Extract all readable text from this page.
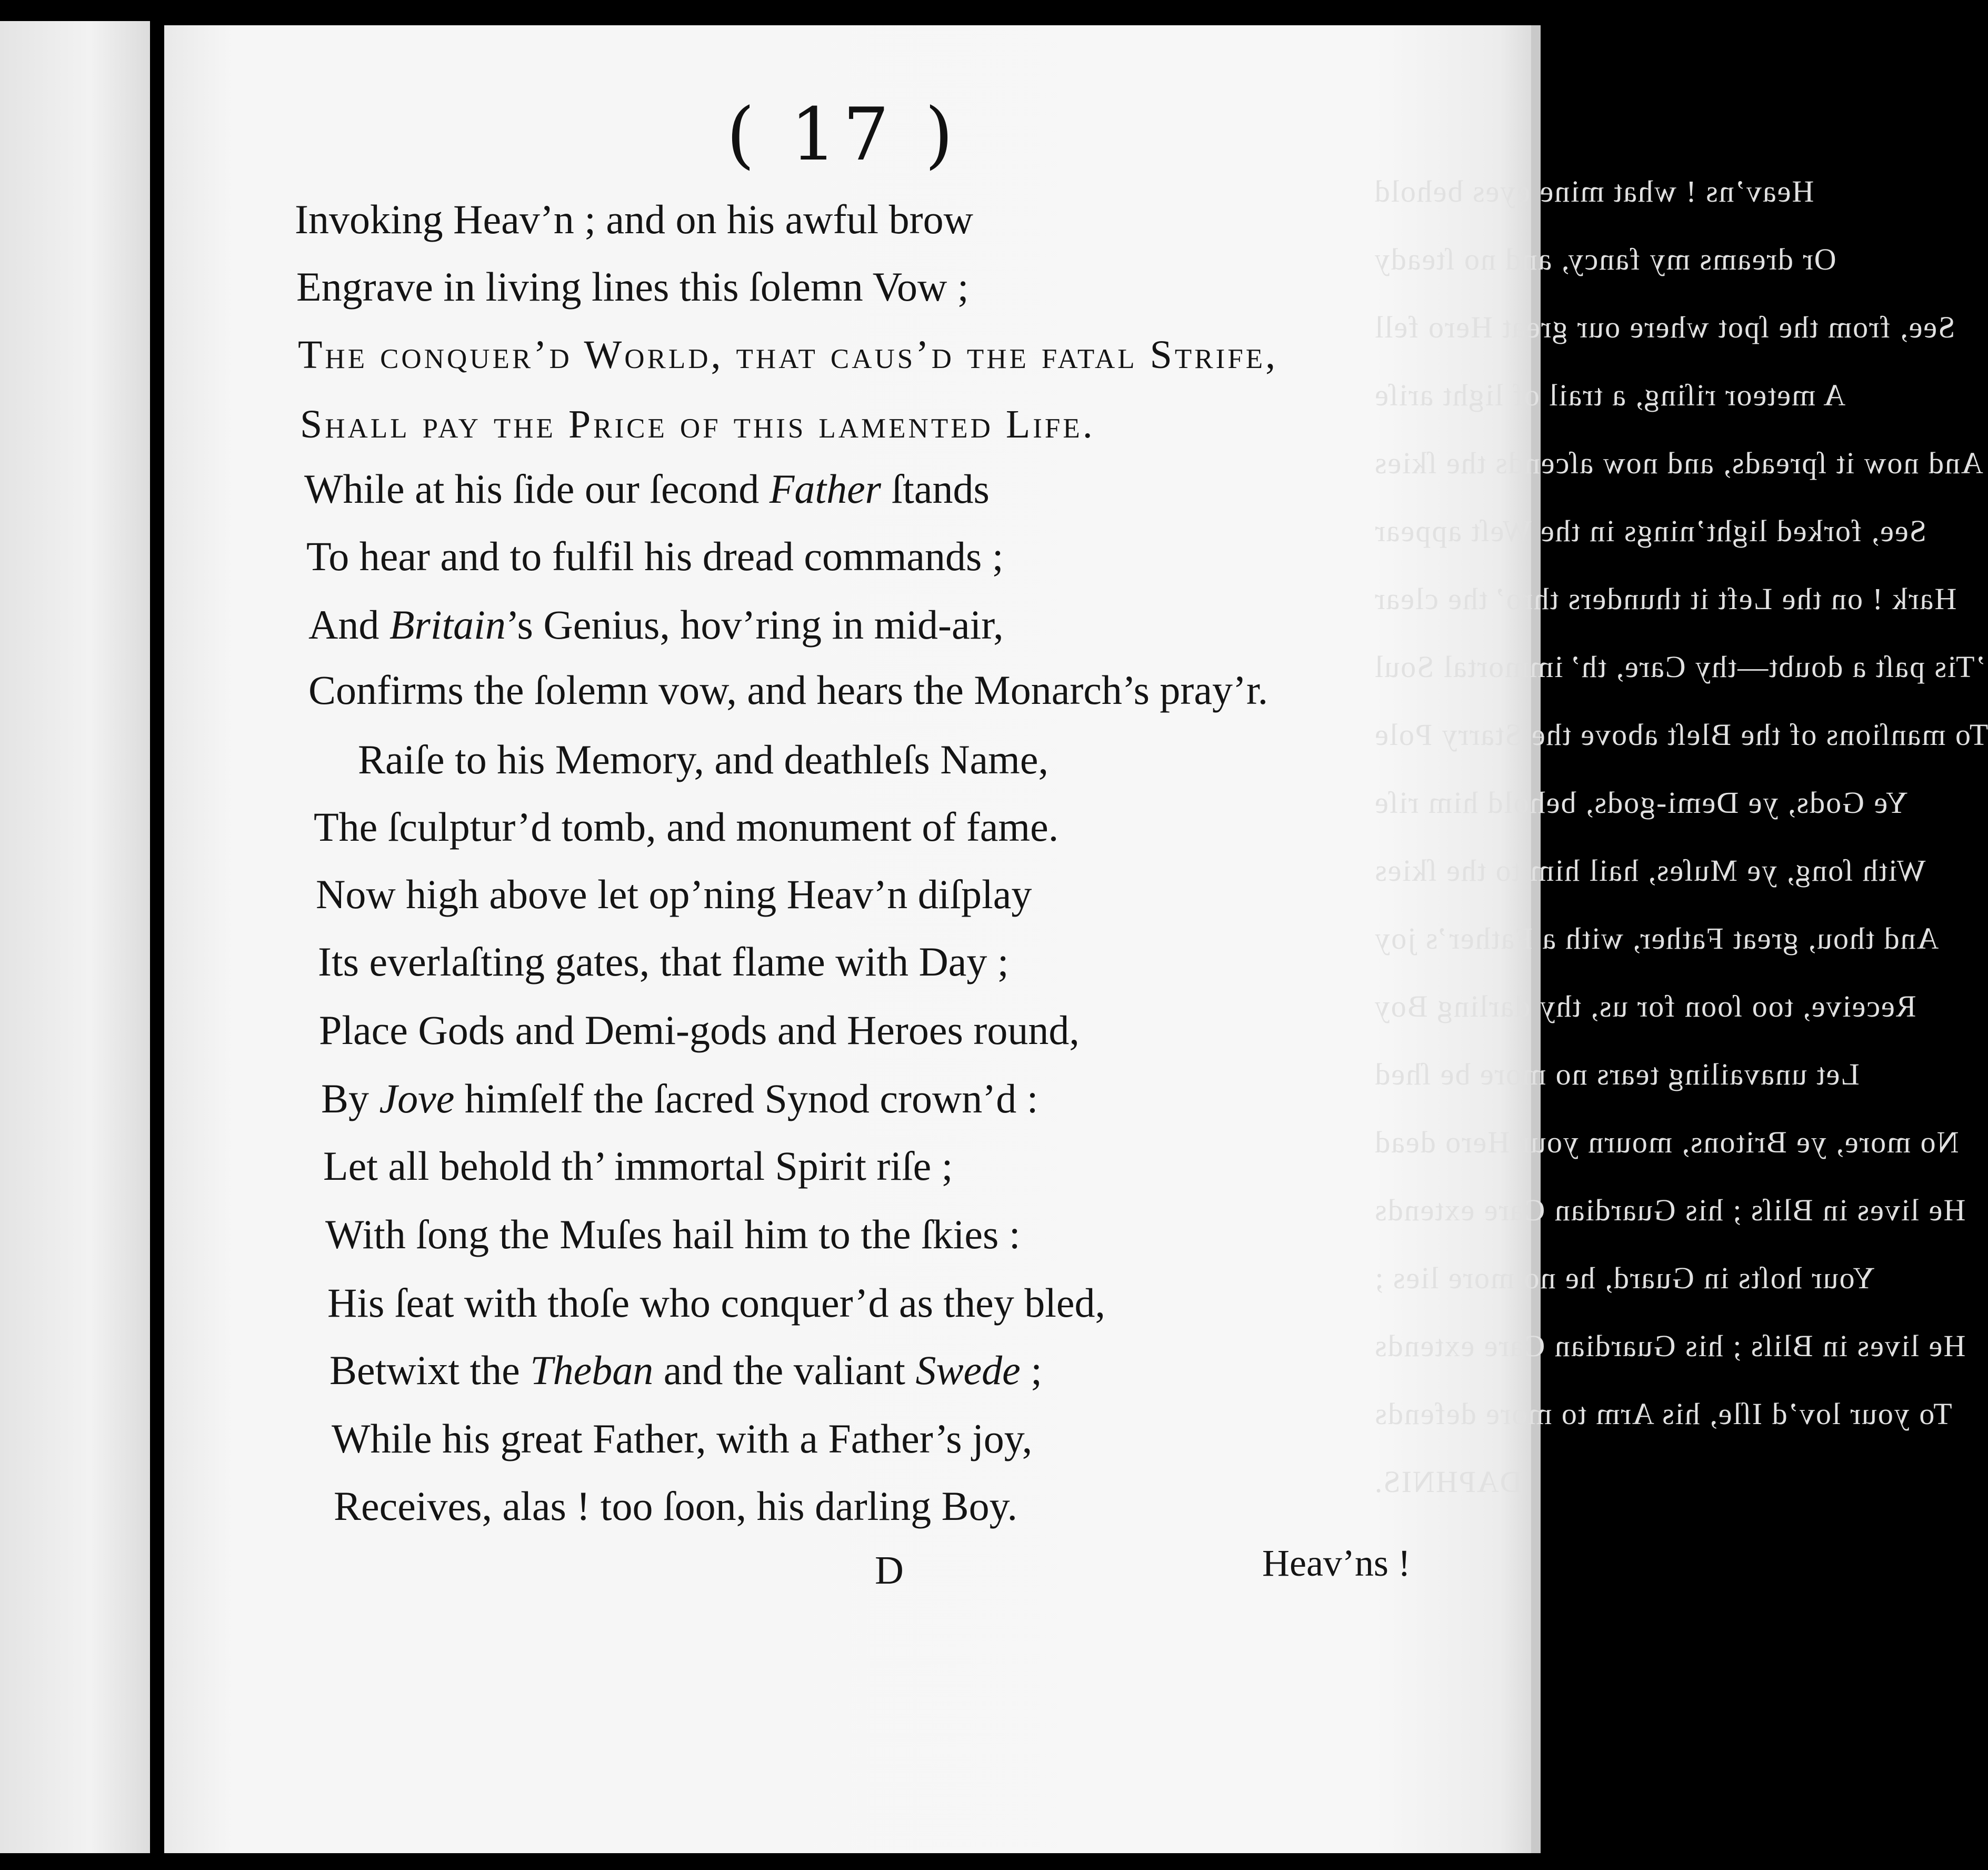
Heav’ns ! what mine eyes behold
Or dreams my fancy, and no ſteady
See, from the ſpot where our great Hero fell
A meteor riſing, a trail of light ariſe
And now it ſpreads, and now aſcends the ſkies
See, forked light’nings in the Weſt appear
Hark ! on the Left it thunders thro’ the clear
’Tis paſt a doubt—thy Care, th’ immortal Soul
To manſions of the Bleſt above the Starry Pole
Ye Gods, ye Demi-gods, behold him riſe
With ſong, ye Muſes, hail him to the ſkies
And thou, great Father, with a Father’s joy
Receive, too ſoon for us, thy darling Boy
Let unavailing tears no more be ſhed
No more, ye Britons, mourn your Hero dead
He lives in Bliſs ; his Guardian Care extends
Your hoſts in Guard, he no more lies ;
He lives in Bliſs ; his Guardian Care extends
To your lov’d Iſle, his Arm to more defends
DAPHNIS.
( 17 )
Invoking Heav’n ; and on his awful brow
Engrave in living lines this ſolemn Vow ;
The conquer’d World, that caus’d the fatal Strife,
Shall pay the Price of this lamented Life.
While at his ſide our ſecond Father ſtands
To hear and to fulfil his dread commands ;
And Britain’s Genius, hov’ring in mid-air,
Confirms the ſolemn vow, and hears the Monarch’s pray’r.
Raiſe to his Memory, and deathleſs Name,
The ſculptur’d tomb, and monument of fame.
Now high above let op’ning Heav’n diſplay
Its everlaſting gates, that flame with Day ;
Place Gods and Demi-gods and Heroes round,
By Jove himſelf the ſacred Synod crown’d :
Let all behold th’ immortal Spirit riſe ;
With ſong the Muſes hail him to the ſkies :
His ſeat with thoſe who conquer’d as they bled,
Betwixt the Theban and the valiant Swede ;
While his great Father, with a Father’s joy,
Receives, alas ! too ſoon, his darling Boy.
D	Heav’ns !
